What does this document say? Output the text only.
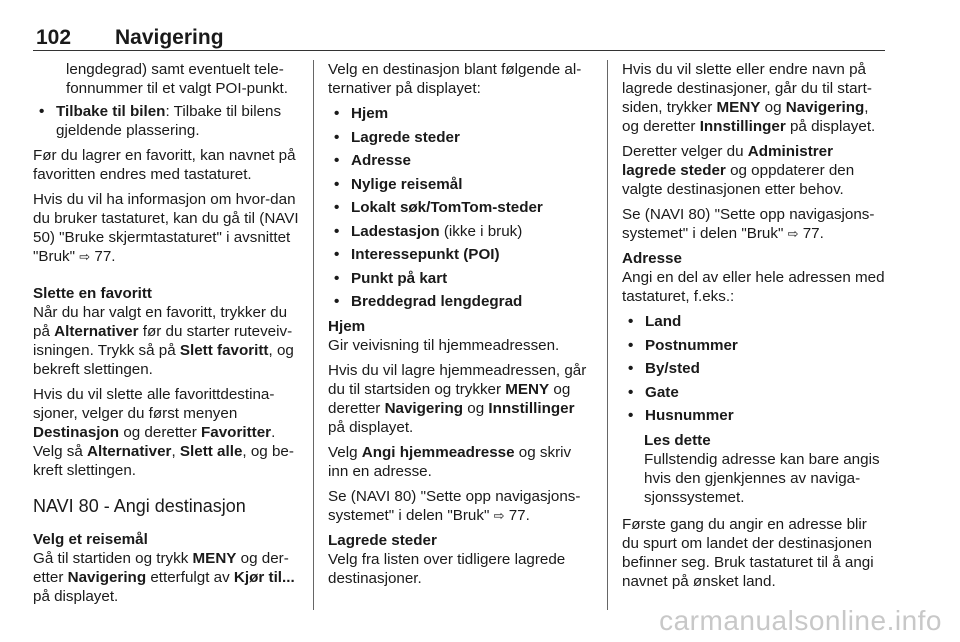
102 Navigering

lengdegrad) samt eventuelt tele-fonnummer til et valgt POI-punkt.

• Tilbake til bilen: Tilbake til bilens gjeldende plassering.

Før du lagrer en favoritt, kan navnet på favoritten endres med tastaturet.

Hvis du vil ha informasjon om hvor-dan du bruker tastaturet, kan du gå til (NAVI 50) "Bruke skjermtastaturet" i avsnittet "Bruk" ⇨ 77.

Slette en favoritt

Når du har valgt en favoritt, trykker du på Alternativer før du starter ruteveiv-isningen. Trykk så på Slett favoritt, og bekreft slettingen.

Hvis du vil slette alle favorittdestina-sjoner, velger du først menyen Destinasjon og deretter Favoritter. Velg så Alternativer, Slett alle, og be-kreft slettingen.

NAVI 80 - Angi destinasjon

Velg et reisemål

Gå til startiden og trykk MENY og der-etter Navigering etterfulgt av Kjør til... på displayet.

Velg en destinasjon blant følgende al-ternativer på displayet:

• Hjem
• Lagrede steder
• Adresse
• Nylige reisemål
• Lokalt søk/TomTom-steder
• Ladestasjon (ikke i bruk)
• Interessepunkt (POI)
• Punkt på kart
• Breddegrad lengdegrad

Hjem

Gir veivisning til hjemmeadressen.

Hvis du vil lagre hjemmeadressen, går du til startsiden og trykker MENY og deretter Navigering og Innstillinger på displayet.

Velg Angi hjemmeadresse og skriv inn en adresse.

Se (NAVI 80) "Sette opp navigasjons-systemet" i delen "Bruk" ⇨ 77.

Lagrede steder

Velg fra listen over tidligere lagrede destinasjoner.

Hvis du vil slette eller endre navn på lagrede destinasjoner, går du til start-siden, trykker MENY og Navigering, og deretter Innstillinger på displayet.

Deretter velger du Administrer lagrede steder og oppdaterer den valgte destinasjonen etter behov.

Se (NAVI 80) "Sette opp navigasjons-systemet" i delen "Bruk" ⇨ 77.

Adresse

Angi en del av eller hele adressen med tastaturet, f.eks.:

• Land
• Postnummer
• By/sted
• Gate
• Husnummer
Les dette
Fullstendig adresse kan bare angis hvis den gjenkjennes av naviga-sjonssystemet.

Første gang du angir en adresse blir du spurt om landet der destinasjonen befinner seg. Bruk tastaturet til å angi navnet på ønsket land.

carmanualsonline.info
